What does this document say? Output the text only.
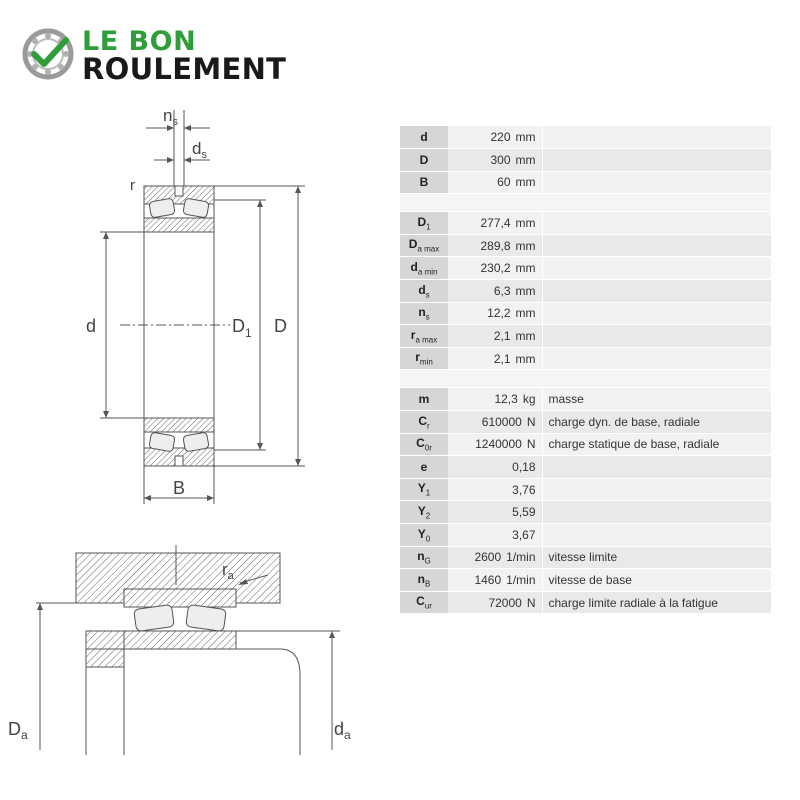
LE BON
ROULEMENT
$n_s$
$d_s$
r
d	$D_1$ D
B
$r_a$
$D_a$	$d_a$
d	220 mm	
D	300 mm	
B	60 mm	

$D_1$	277,4 mm	
$D_{a max}$	289,8 mm	
$d_{a min}$	230,2 mm	
$d_s$	6,3 mm	
$n_s$	12,2 mm	
$r_{a max}$	2,1 mm	
$r_{min}$	2,1 mm	

m	12,3 kg	masse
$C_r$	610000 N	charge dyn. de base, radiale
$C_{0r}$	1240000 N	charge statique de base, radiale
e	0,18	
$Y_1$	3,76	
$Y_2$	5,59	
$Y_0$	3,67	
$n_G$	2600 1/min	vitesse limite
$n_B$	1460 1/min	vitesse de base
$C_{ur}$	72000 N	charge limite radiale à la fatigue
